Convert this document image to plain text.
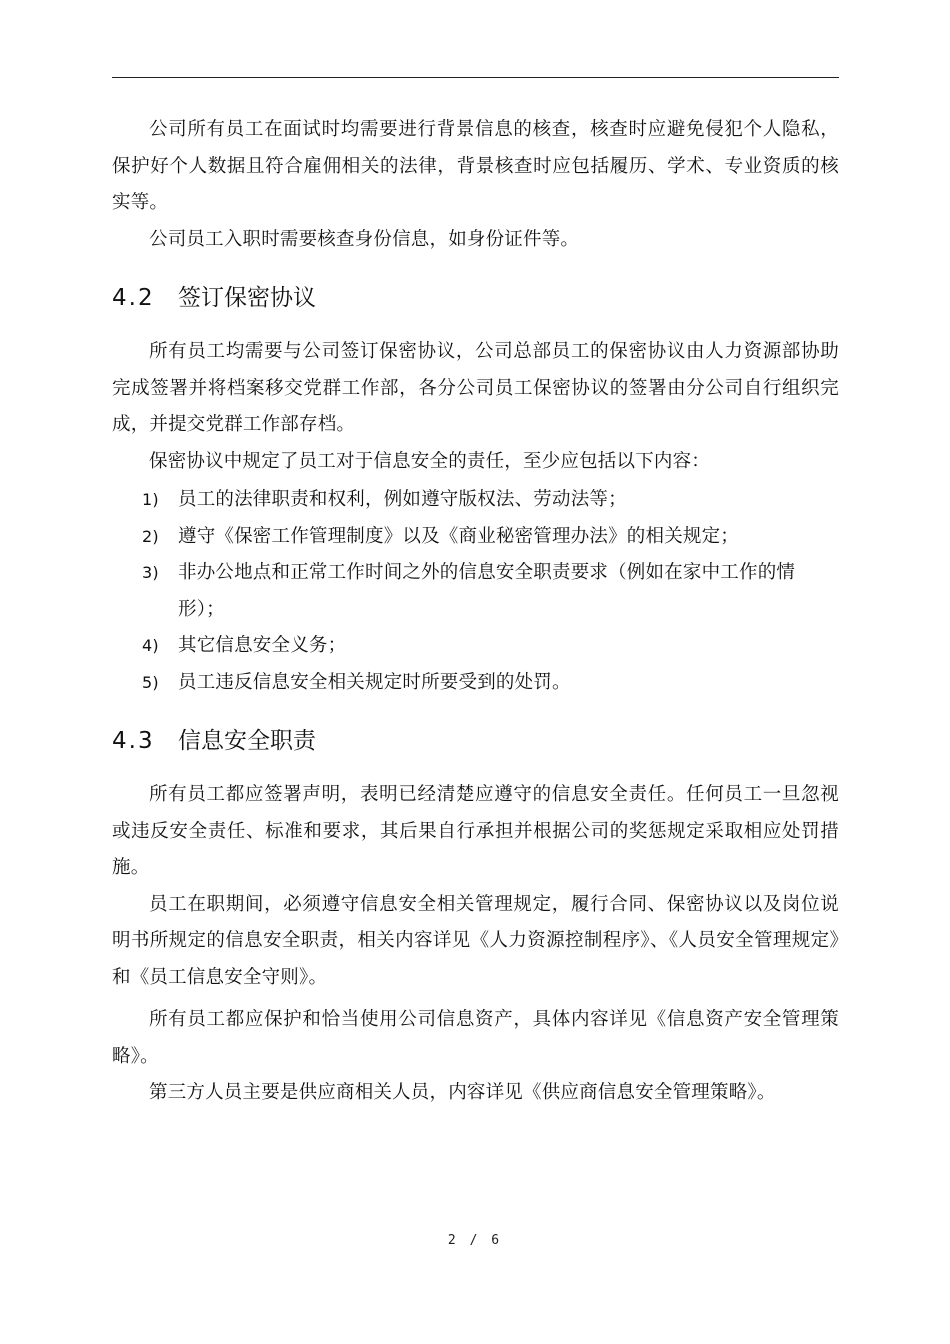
公司所有员工在面试时均需要进行背景信息的核查，核查时应避免侵犯个人隐私，保护好个人数据且符合雇佣相关的法律，背景核查时应包括履历、学术、专业资质的核实等。

公司员工入职时需要核查身份信息，如身份证件等。

4.2 签订保密协议

所有员工均需要与公司签订保密协议，公司总部员工的保密协议由人力资源部协助完成签署并将档案移交党群工作部，各分公司员工保密协议的签署由分公司自行组织完成，并提交党群工作部存档。

保密协议中规定了员工对于信息安全的责任，至少应包括以下内容：

1) 员工的法律职责和权利，例如遵守版权法、劳动法等；
2) 遵守《保密工作管理制度》以及《商业秘密管理办法》的相关规定；
3) 非办公地点和正常工作时间之外的信息安全职责要求（例如在家中工作的情形）；
4) 其它信息安全义务；
5) 员工违反信息安全相关规定时所要受到的处罚。
4.3 信息安全职责

所有员工都应签署声明，表明已经清楚应遵守的信息安全责任。任何员工一旦忽视或违反安全责任、标准和要求，其后果自行承担并根据公司的奖惩规定采取相应处罚措施。

员工在职期间，必须遵守信息安全相关管理规定，履行合同、保密协议以及岗位说明书所规定的信息安全职责，相关内容详见《人力资源控制程序》、《人员安全管理规定》和《员工信息安全守则》。

所有员工都应保护和恰当使用公司信息资产，具体内容详见《信息资产安全管理策略》。

第三方人员主要是供应商相关人员，内容详见《供应商信息安全管理策略》。

2 / 6
